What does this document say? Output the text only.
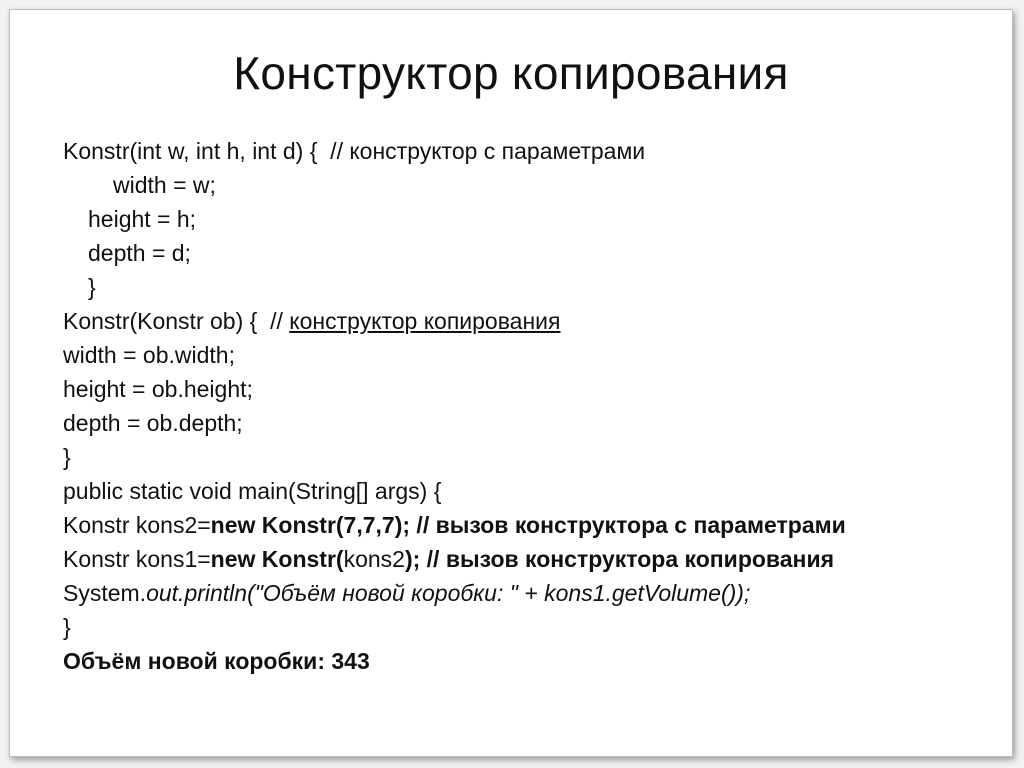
Конструктор копирования
Konstr(int w, int h, int d) {  // конструктор с параметрами
width = w;
height = h;
depth = d;
}
Konstr(Konstr ob) {  // конструктор копирования
width = ob.width;
height = ob.height;
depth = ob.depth;
}
public static void main(String[] args) {
Konstr kons2=new Konstr(7,7,7); // вызов конструктора с параметрами
Konstr kons1=new Konstr(kons2); // вызов конструктора копирования
System.out.println("Объём новой коробки: " + kons1.getVolume());
}
Объём новой коробки: 343
